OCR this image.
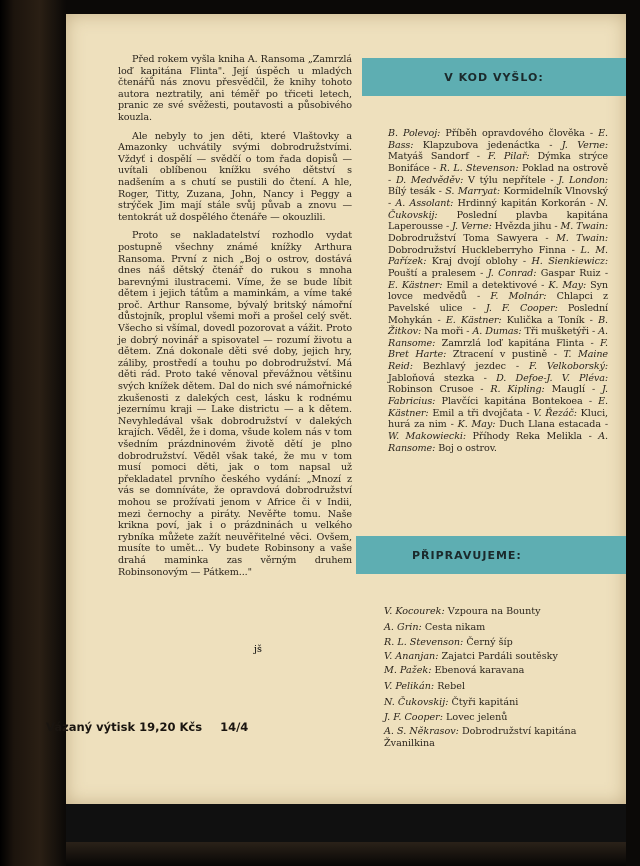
Před rokem vyšla kniha A. Ransoma „Zamrzlá loď kapitána Flinta". Její úspěch u mladých čtenářů nás znovu přesvědčil, že knihy tohoto autora neztratily, ani téměř po třiceti letech, pranic ze své svěžesti, poutavosti a působivého kouzla.

Ale nebyly to jen děti, které Vlaštovky a Amazonky uchvátily svými dobrodružstvími. Vždyť i dospělí — svědčí o tom řada dopisů — uvítali oblíbenou knížku svého dětství s nadšením a s chutí se pustili do čtení. A hle, Roger, Titty, Zuzana, John, Nancy i Peggy a strýček Jim mají stále svůj půvab a znovu — tentokrát už dospělého čtenáře — okouzlili.

Proto se nakladatelství rozhodlo vydat postupně všechny známé knížky Arthura Ransoma. První z nich „Boj o ostrov, dostává dnes náš dětský čtenář do rukou s mnoha barevnými ilustracemi. Víme, že se bude líbit dětem i jejich tátům a maminkám, a víme také proč. Arthur Ransome, bývalý britský námořní důstojník, proplul všemi moři a prošel celý svět. Všecho si všímal, dovedl pozorovat a vážit. Proto je dobrý novinář a spisovatel — rozumí životu a dětem. Zná dokonale děti své doby, jejich hry, záliby, prostředí a touhu po dobrodružství. Má děti rád. Proto také věnoval převážnou většinu svých knížek dětem. Dal do nich své námořnické zkušenosti z dalekých cest, lásku k rodnému jezernímu kraji — Lake districtu — a k dětem. Nevyhledával však dobrodružství v dalekých krajích. Věděl, že i doma, všude kolem nás v tom všedním prázdninovém životě dětí je plno dobrodružství. Věděl však také, že mu v tom musí pomoci děti, jak o tom napsal už překladatel prvního českého vydání: „Mnozí z vás se domníváte, že opravdová dobrodružství mohou se prožívati jenom v Africe či v Indii, mezi černochy a piráty. Nevěřte tomu. Naše krikna poví, jak i o prázdninách u velkého rybníka můžete zažít neuvěřitelné věci. Ovšem, musíte to umět... Vy budete Robinsony a vaše drahá maminka zas věrným druhem Robinsonovým — Pátkem..."

V KOD VYŠLO:
B. Polevoj: Příběh opravdového člověka - E. Bass: Klapzubova jedenáctka - J. Verne: Matyáš Sandorf - F. Pilař: Dýmka strýce Bonifáce - R. L. Stevenson: Poklad na ostrově - D. Medvěděv: V týlu nepřítele - J. London: Bílý tesák - S. Marryat: Kormidelník Vlnovský - A. Assolant: Hrdinný kapitán Korkorán - N. Čukovskij: Poslední plavba kapitána Laperousse - J. Verne: Hvězda jihu - M. Twain: Dobrodružství Toma Sawyera - M. Twain: Dobrodružství Huckleberryho Finna - L. M. Pařízek: Kraj dvojí oblohy - H. Sienkiewicz: Pouští a pralesem - J. Conrad: Gaspar Ruiz - E. Kästner: Emil a detektivové - K. May: Syn lovce medvědů - F. Molnár: Chlapci z Pavelské ulice - J. F. Cooper: Poslední Mohykán - E. Kästner: Kulička a Toník - B. Žitkov: Na moři - A. Dumas: Tři mušketýři - A. Ransome: Zamrzlá loď kapitána Flinta - F. Bret Harte: Ztracení v pustině - T. Maine Reid: Bezhlavý jezdec - F. Velkoborský: Jabloňová stezka - D. Defoe-J. V. Pléva: Robinson Crusoe - R. Kipling: Mauglí - J. Fabricius: Plavčíci kapitána Bontekoea - E. Kästner: Emil a tři dvojčata - V. Řezáč: Kluci, hurá za nim - K. May: Duch Llana estacada - W. Makowiecki: Příhody Reka Melikla - A. Ransome: Boj o ostrov.
PŘIPRAVUJEME:
V. Kocourek: Vzpoura na Bounty
A. Grin: Cesta nikam
R. L. Stevenson: Černý šíp
V. Ananjan: Zajatci Pardáli soutěsky
M. Pažek: Ebenová karavana
V. Pelikán: Rebel
N. Čukovskij: Čtyři kapitáni
J. F. Cooper: Lovec jelenů
A. S. Někrasov: Dobrodružství kapitána Žvanilkina
jš
Vázaný výtisk 19,20 Kčs 14/4
